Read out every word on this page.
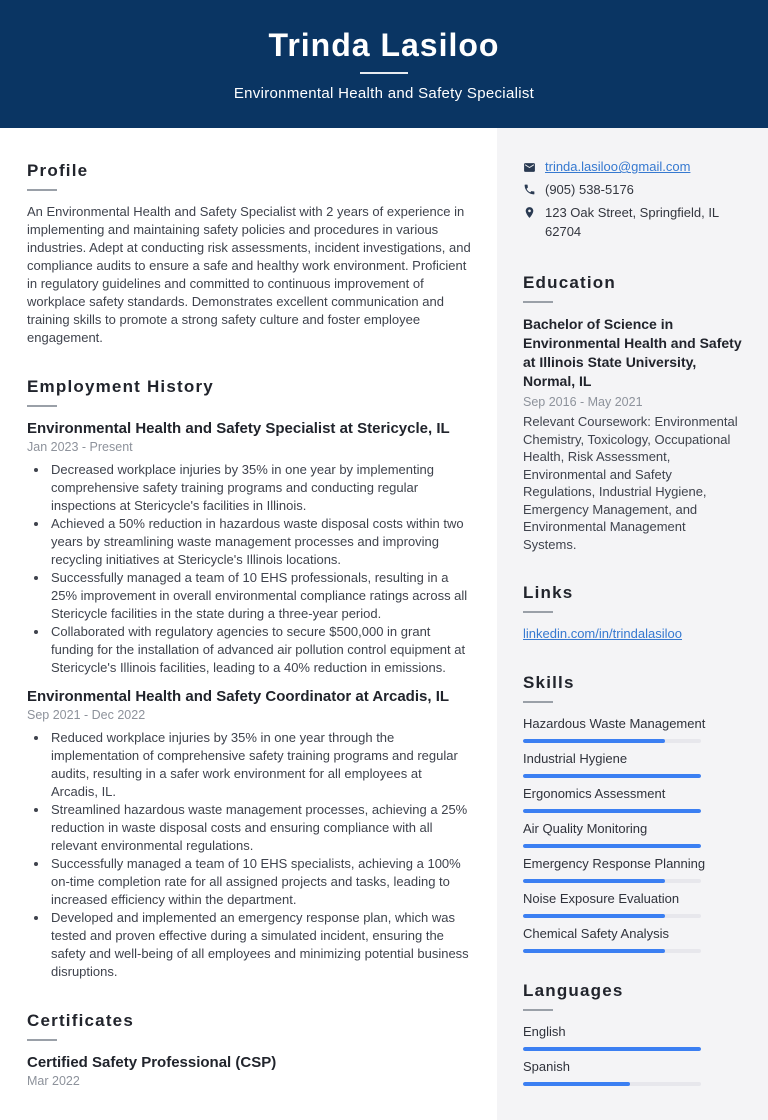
Trinda Lasiloo
Environmental Health and Safety Specialist
Profile

An Environmental Health and Safety Specialist with 2 years of experience in implementing and maintaining safety policies and procedures in various industries. Adept at conducting risk assessments, incident investigations, and compliance audits to ensure a safe and healthy work environment. Proficient in regulatory guidelines and committed to continuous improvement of workplace safety standards. Demonstrates excellent communication and training skills to promote a strong safety culture and foster employee engagement.

Employment History
Environmental Health and Safety Specialist at Stericycle, IL
Jan 2023 - Present
• Decreased workplace injuries by 35% in one year by implementing comprehensive safety training programs and conducting regular inspections at Stericycle's facilities in Illinois.
• Achieved a 50% reduction in hazardous waste disposal costs within two years by streamlining waste management processes and improving recycling initiatives at Stericycle's Illinois locations.
• Successfully managed a team of 10 EHS professionals, resulting in a 25% improvement in overall environmental compliance ratings across all Stericycle facilities in the state during a three-year period.
• Collaborated with regulatory agencies to secure $500,000 in grant funding for the installation of advanced air pollution control equipment at Stericycle's Illinois facilities, leading to a 40% reduction in emissions.
Environmental Health and Safety Coordinator at Arcadis, IL
Sep 2021 - Dec 2022
• Reduced workplace injuries by 35% in one year through the implementation of comprehensive safety training programs and regular audits, resulting in a safer work environment for all employees at Arcadis, IL.
• Streamlined hazardous waste management processes, achieving a 25% reduction in waste disposal costs and ensuring compliance with all relevant environmental regulations.
• Successfully managed a team of 10 EHS specialists, achieving a 100% on-time completion rate for all assigned projects and tasks, leading to increased efficiency within the department.
• Developed and implemented an emergency response plan, which was tested and proven effective during a simulated incident, ensuring the safety and well-being of all employees and minimizing potential business disruptions.
Certificates
Certified Safety Professional (CSP)
Mar 2022
trinda.lasiloo@gmail.com
(905) 538-5176
123 Oak Street, Springfield, IL 62704
Education
Bachelor of Science in Environmental Health and Safety at Illinois State University, Normal, IL
Sep 2016 - May 2021
Relevant Coursework: Environmental Chemistry, Toxicology, Occupational Health, Risk Assessment, Environmental and Safety Regulations, Industrial Hygiene, Emergency Management, and Environmental Management Systems.
Links
linkedin.com/in/trindalasiloo
Skills
Hazardous Waste Management
Industrial Hygiene
Ergonomics Assessment
Air Quality Monitoring
Emergency Response Planning
Noise Exposure Evaluation
Chemical Safety Analysis
Languages
English
Spanish
